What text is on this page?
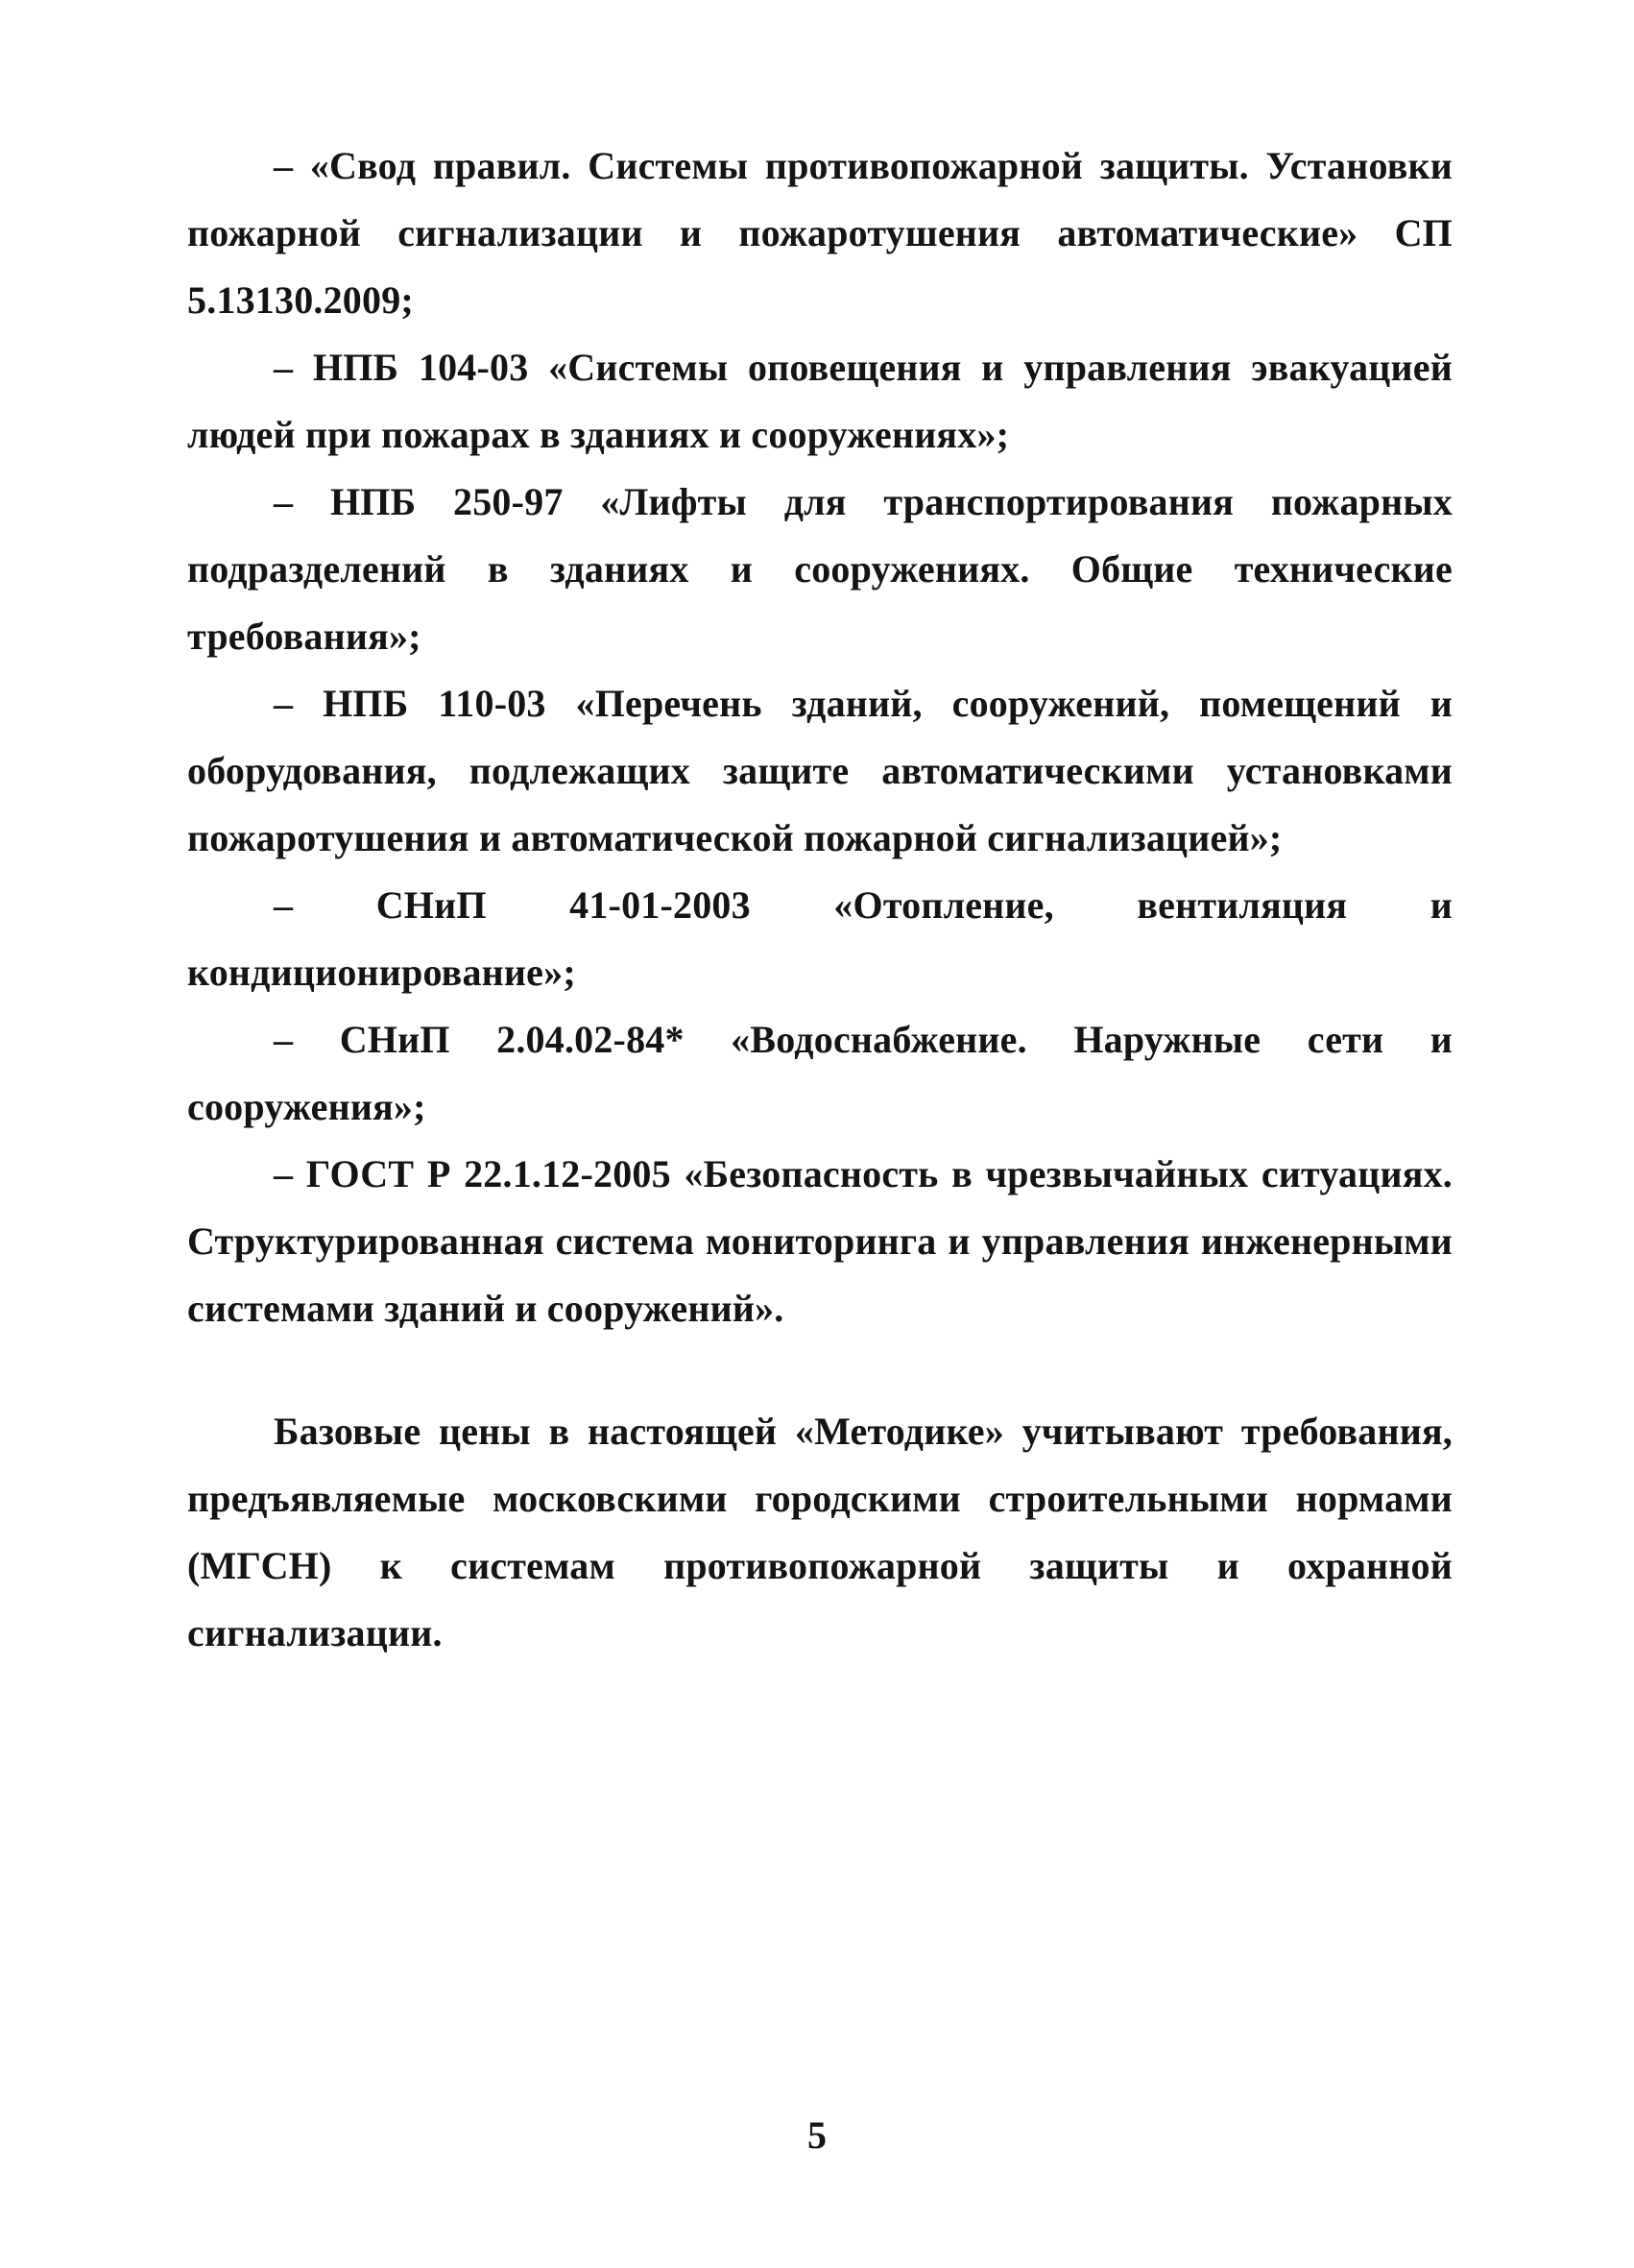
– «Свод правил. Системы противопожарной защиты. Установки пожарной сигнализации и пожаротушения автоматические» СП 5.13130.2009;

– НПБ 104-03 «Системы оповещения и управления эвакуацией людей при пожарах в зданиях и сооружениях»;

– НПБ 250-97 «Лифты для транспортирования пожарных подразделений в зданиях и сооружениях. Общие технические требования»;

– НПБ 110-03 «Перечень зданий, сооружений, помещений и оборудования, подлежащих защите автоматическими установками пожаротушения и автоматической пожарной сигнализацией»;

– СНиП 41-01-2003 «Отопление, вентиляция и кондиционирование»;

– СНиП 2.04.02-84* «Водоснабжение. Наружные сети и сооружения»;

– ГОСТ Р 22.1.12-2005 «Безопасность в чрезвычайных ситуациях. Структурированная система мониторинга и управления инженерными системами зданий и сооружений».

Базовые цены в настоящей «Методике» учитывают требования, предъявляемые московскими городскими строительными нормами (МГСН) к системам противопожарной защиты и охранной сигнализации.

5
